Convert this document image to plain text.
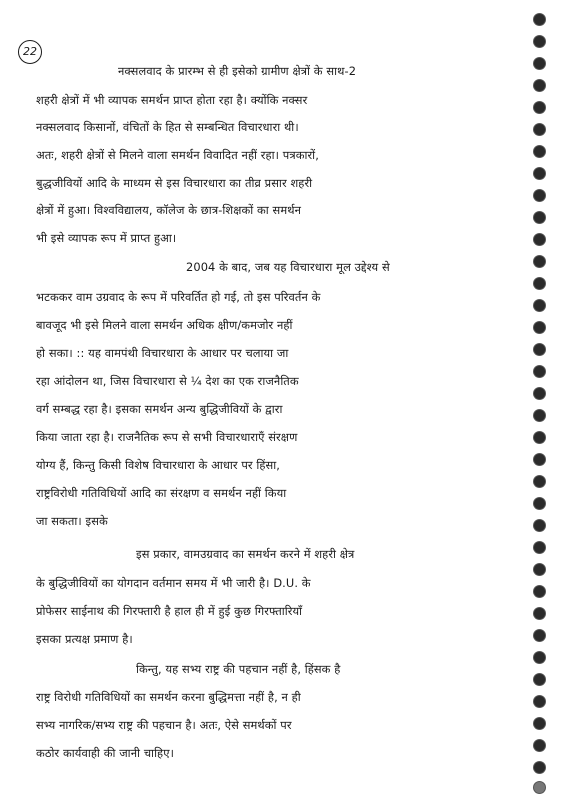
22
नक्सलवाद के प्रारम्भ से ही इसेको ग्रामीण क्षेत्रों के साथ-2
शहरी क्षेत्रों में भी व्यापक समर्थन प्राप्त होता रहा है। क्योंकि नक्सर
नक्सलवाद किसानों, वंचितों के हित से सम्बन्धित विचारधारा थी।
अतः, शहरी क्षेत्रों से मिलने वाला समर्थन विवादित नहीं रहा। पत्रकारों,
बुद्धजीवियों आदि के माध्यम से इस विचारधारा का तीव्र प्रसार शहरी
क्षेत्रों में हुआ। विश्वविद्यालय, कॉलेज के छात्र-शिक्षकों का समर्थन
भी इसे व्यापक रूप में प्राप्त हुआ।
2004 के बाद, जब यह विचारधारा मूल उद्देश्य से
भटककर वाम उग्रवाद के रूप में परिवर्तित हो गई, तो इस परिवर्तन के
बावजूद भी इसे मिलने वाला समर्थन अधिक क्षीण/कमजोर नहीं
हो सका। :: यह वामपंथी विचारधारा के आधार पर चलाया जा
रहा आंदोलन था, जिस विचारधारा से ¼ देश का एक राजनैतिक
वर्ग सम्बद्ध रहा है। इसका समर्थन अन्य बुद्धिजीवियों के द्वारा
किया जाता रहा है। राजनैतिक रूप से सभी विचारधाराएँ संरक्षण
योग्य हैं, किन्तु किसी विशेष विचारधारा के आधार पर हिंसा,
राष्ट्रविरोधी गतिविधियों आदि का संरक्षण व समर्थन नहीं किया
जा सकता। इसके
इस प्रकार, वामउग्रवाद का समर्थन करने में शहरी क्षेत्र
के बुद्धिजीवियों का योगदान वर्तमान समय में भी जारी है। D.U. के
प्रोफेसर साईनाथ की गिरफ्तारी है हाल ही में हुई कुछ गिरफ्तारियाँ
इसका प्रत्यक्ष प्रमाण है।
किन्तु, यह सभ्य राष्ट्र की पहचान नहीं है, हिंसक है
राष्ट्र विरोधी गतिविधियों का समर्थन करना बुद्धिमत्ता नहीं है, न ही
सभ्य नागरिक/सभ्य राष्ट्र की पहचान है। अतः, ऐसे समर्थकों पर
कठोर कार्यवाही की जानी चाहिए।
